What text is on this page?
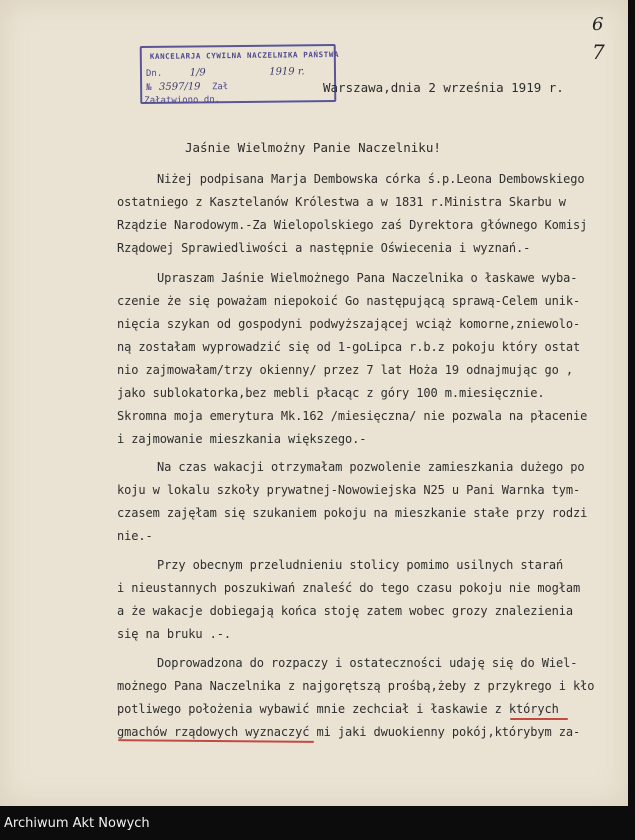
KANCELARJA CYWILNA NACZELNIKA PAŃSTWA
Dn.	1/9	1919 r.
№ 3597/19 Zał
Załatwiono dn.
6
7
Warszawa,dnia 2 września 1919 r.
Jaśnie Wielmożny Panie Naczelniku!
Niżej podpisana Marja Dembowska córka ś.p.Leona Dembowskiego
ostatniego z Kasztelanów Królestwa a w 1831 r.Ministra Skarbu w
Rządzie Narodowym.-Za Wielopolskiego zaś Dyrektora głównego Komisj
Rządowej Sprawiedliwości a następnie Oświecenia i wyznań.-
Upraszam Jaśnie Wielmożnego Pana Naczelnika o łaskawe wyba-
czenie że się poważam niepokoić Go następującą sprawą-Celem unik-
nięcia szykan od gospodyni podwyższającej wciąż komorne,zniewolo-
ną zostałam wyprowadzić się od 1-goLipca r.b.z pokoju który ostat
nio zajmowałam/trzy okienny/ przez 7 lat Hoża 19 odnajmując go ,
jako sublokatorka,bez mebli płacąc z góry 100 m.miesięcznie.
Skromna moja emerytura Mk.162 /miesięczna/ nie pozwala na płacenie
i zajmowanie mieszkania większego.-
Na czas wakacji otrzymałam pozwolenie zamieszkania dużego po
koju w lokalu szkoły prywatnej-Nowowiejska N25 u Pani Warnka tym-
czasem zajęłam się szukaniem pokoju na mieszkanie stałe przy rodzi
nie.-
Przy obecnym przeludnieniu stolicy pomimo usilnych starań
i nieustannych poszukiwań znaleść do tego czasu pokoju nie mogłam
a że wakacje dobiegają końca stoję zatem wobec grozy znalezienia
się na bruku .-.
Doprowadzona do rozpaczy i ostateczności udaję się do Wiel-
możnego Pana Naczelnika z najgorętszą prośbą,żeby z przykrego i kło
potliwego położenia wybawić mnie zechciał i łaskawie z których
gmachów rządowych wyznaczyć mi jaki dwuokienny pokój,którybym za-
Archiwum Akt Nowych
